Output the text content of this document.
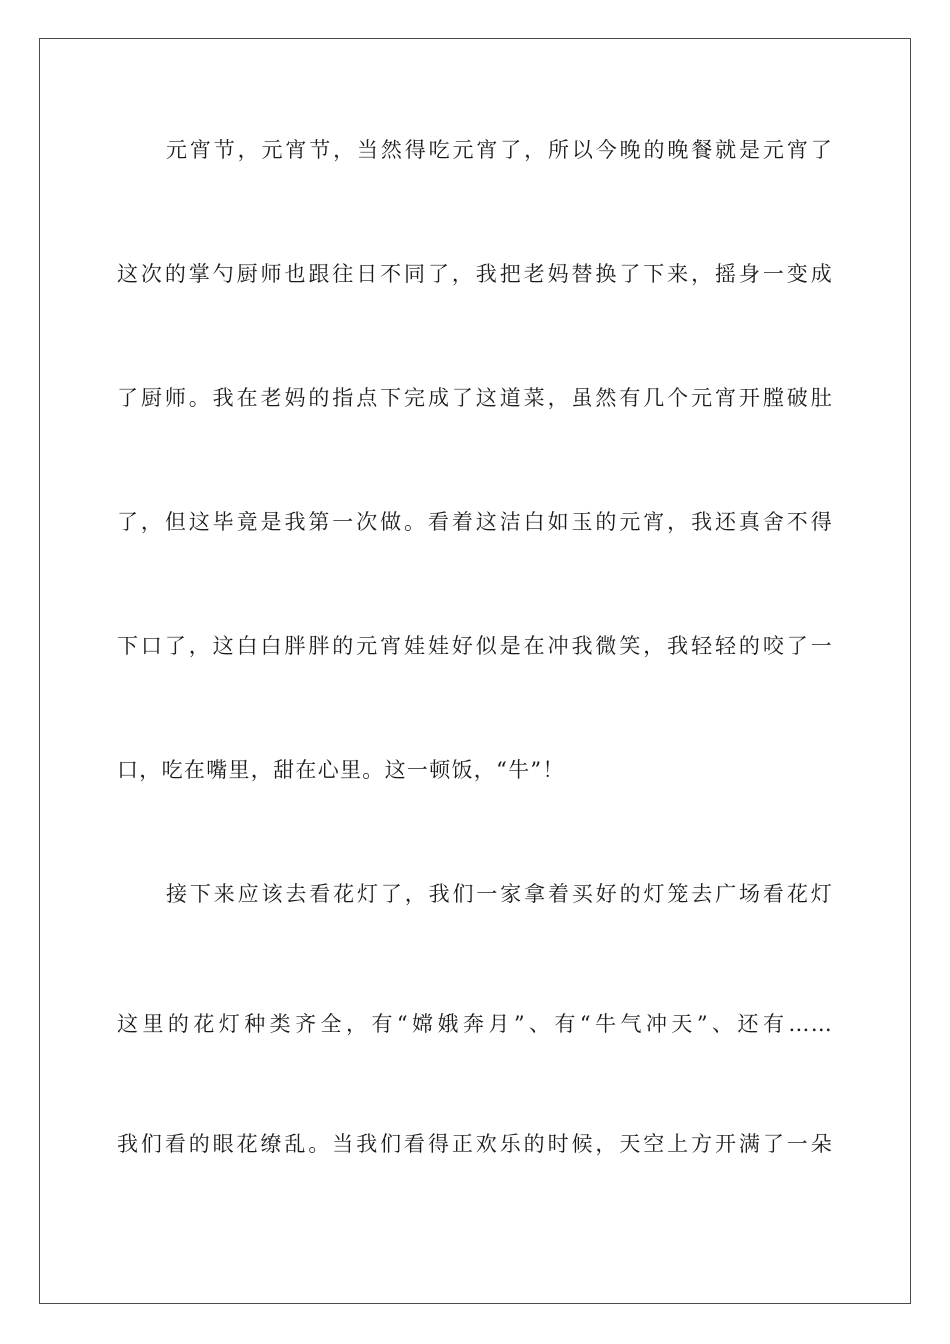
元宵节，元宵节，当然得吃元宵了，所以今晚的晚餐就是元宵了
这次的掌勺厨师也跟往日不同了，我把老妈替换了下来，摇身一变成
了厨师。我在老妈的指点下完成了这道菜，虽然有几个元宵开膛破肚
了，但这毕竟是我第一次做。看着这洁白如玉的元宵，我还真舍不得
下口了，这白白胖胖的元宵娃娃好似是在冲我微笑，我轻轻的咬了一
口，吃在嘴里，甜在心里。这一顿饭，“牛”！
接下来应该去看花灯了，我们一家拿着买好的灯笼去广场看花灯
这里的花灯种类齐全，有“嫦娥奔月”、有“牛气冲天”、还有……
我们看的眼花缭乱。当我们看得正欢乐的时候，天空上方开满了一朵
